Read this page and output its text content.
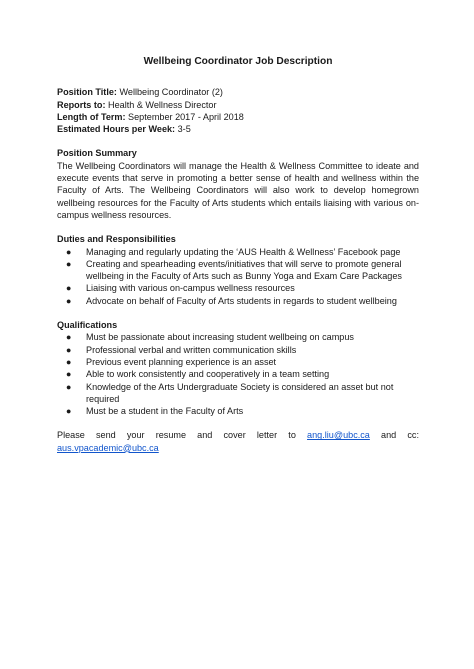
Wellbeing Coordinator Job Description

Position Title: Wellbeing Coordinator (2)

Reports to: Health & Wellness Director

Length of Term: September 2017 - April 2018

Estimated Hours per Week: 3-5

Position Summary

The Wellbeing Coordinators will manage the Health & Wellness Committee to ideate and execute events that serve in promoting a better sense of health and wellness within the Faculty of Arts. The Wellbeing Coordinators will also work to develop homegrown wellbeing resources for the Faculty of Arts students which entails liaising with various on-campus wellness resources.

Duties and Responsibilities

● Managing and regularly updating the ‘AUS Health & Wellness’ Facebook page
● Creating and spearheading events/initiatives that will serve to promote general wellbeing in the Faculty of Arts such as Bunny Yoga and Exam Care Packages
● Liaising with various on-campus wellness resources
● Advocate on behalf of Faculty of Arts students in regards to student wellbeing

Qualifications

● Must be passionate about increasing student wellbeing on campus
● Professional verbal and written communication skills
● Previous event planning experience is an asset
● Able to work consistently and cooperatively in a team setting
● Knowledge of the Arts Undergraduate Society is considered an asset but not required
● Must be a student in the Faculty of Arts

Please send your resume and cover letter to ang.liu@ubc.ca and cc: aus.vpacademic@ubc.ca
